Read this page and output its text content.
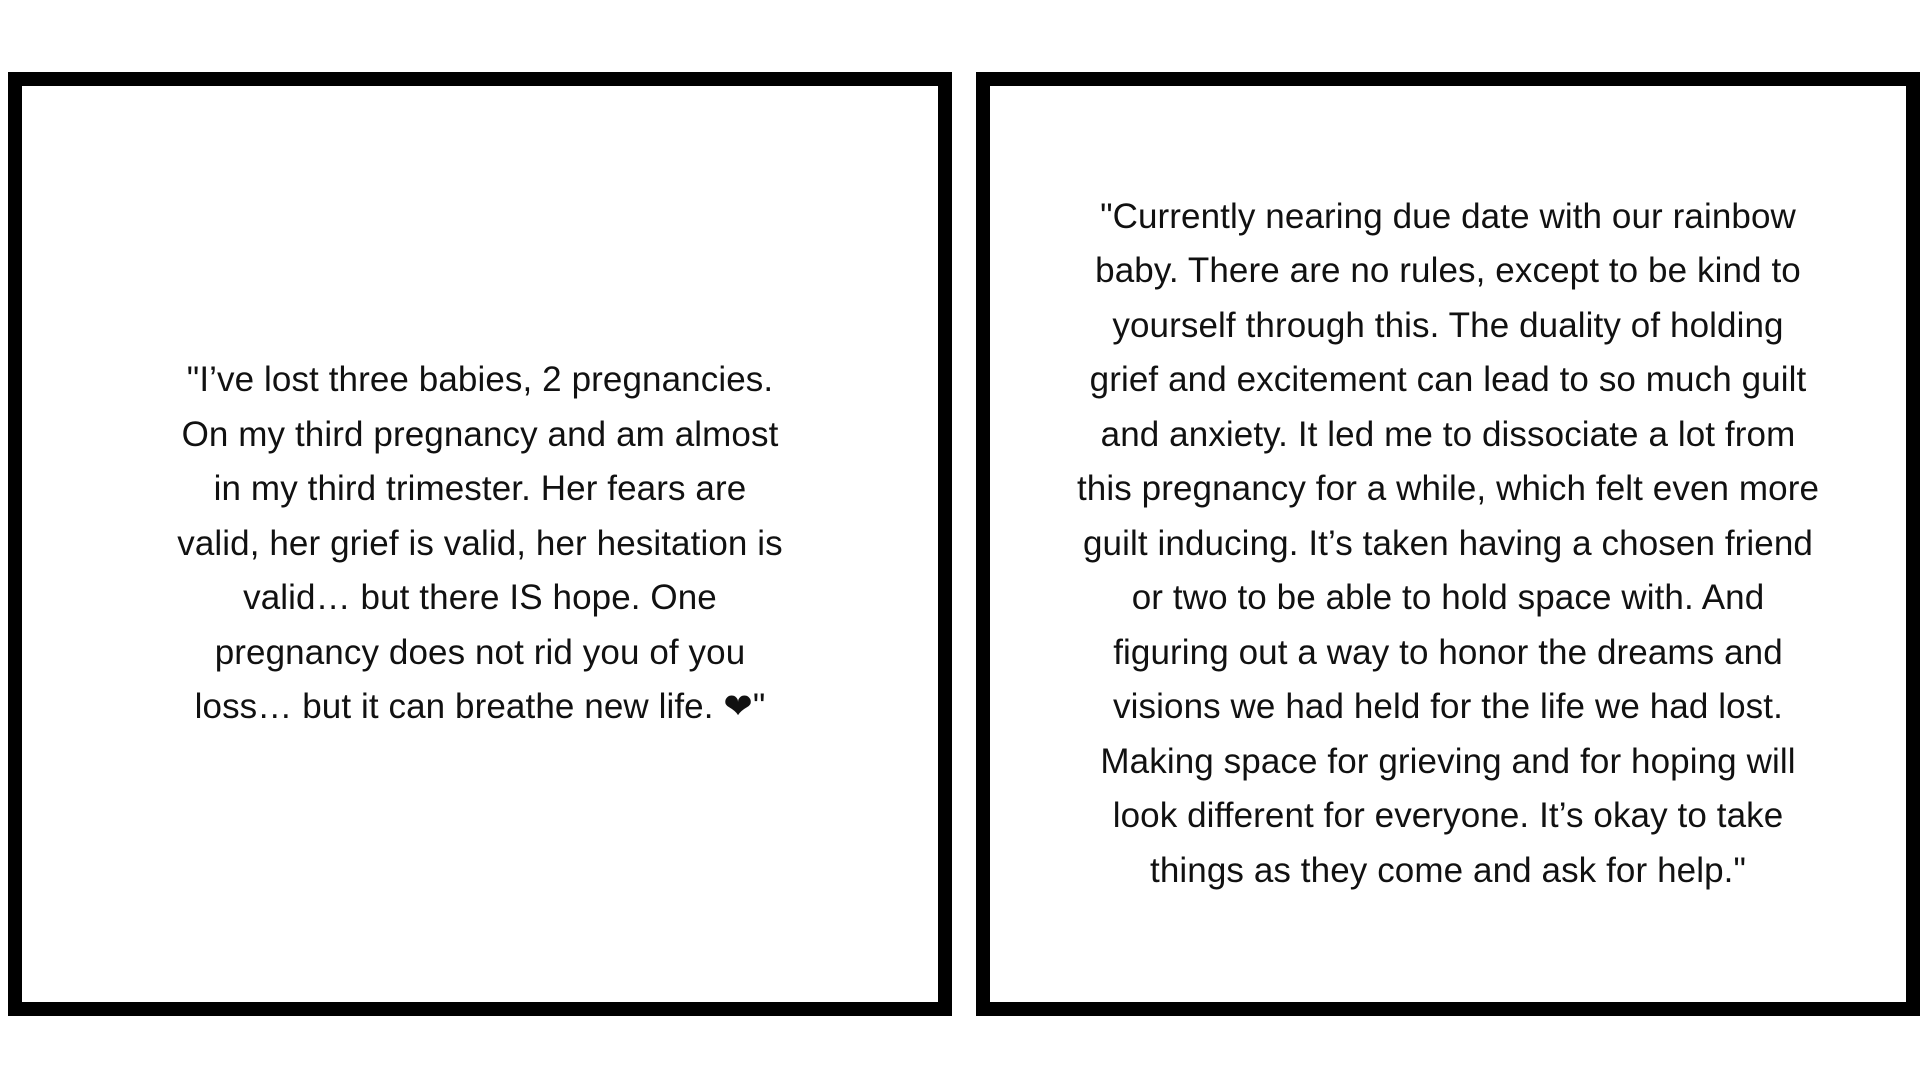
"I’ve lost three babies, 2 pregnancies.
On my third pregnancy and am almost
in my third trimester. Her fears are
valid, her grief is valid, her hesitation is
valid… but there IS hope. One
pregnancy does not rid you of you
loss… but it can breathe new life. ❤"

"Currently nearing due date with our rainbow
baby. There are no rules, except to be kind to
yourself through this. The duality of holding
grief and excitement can lead to so much guilt
and anxiety. It led me to dissociate a lot from
this pregnancy for a while, which felt even more
guilt inducing. It’s taken having a chosen friend
or two to be able to hold space with. And
figuring out a way to honor the dreams and
visions we had held for the life we had lost.
Making space for grieving and for hoping will
look different for everyone. It’s okay to take
things as they come and ask for help."
